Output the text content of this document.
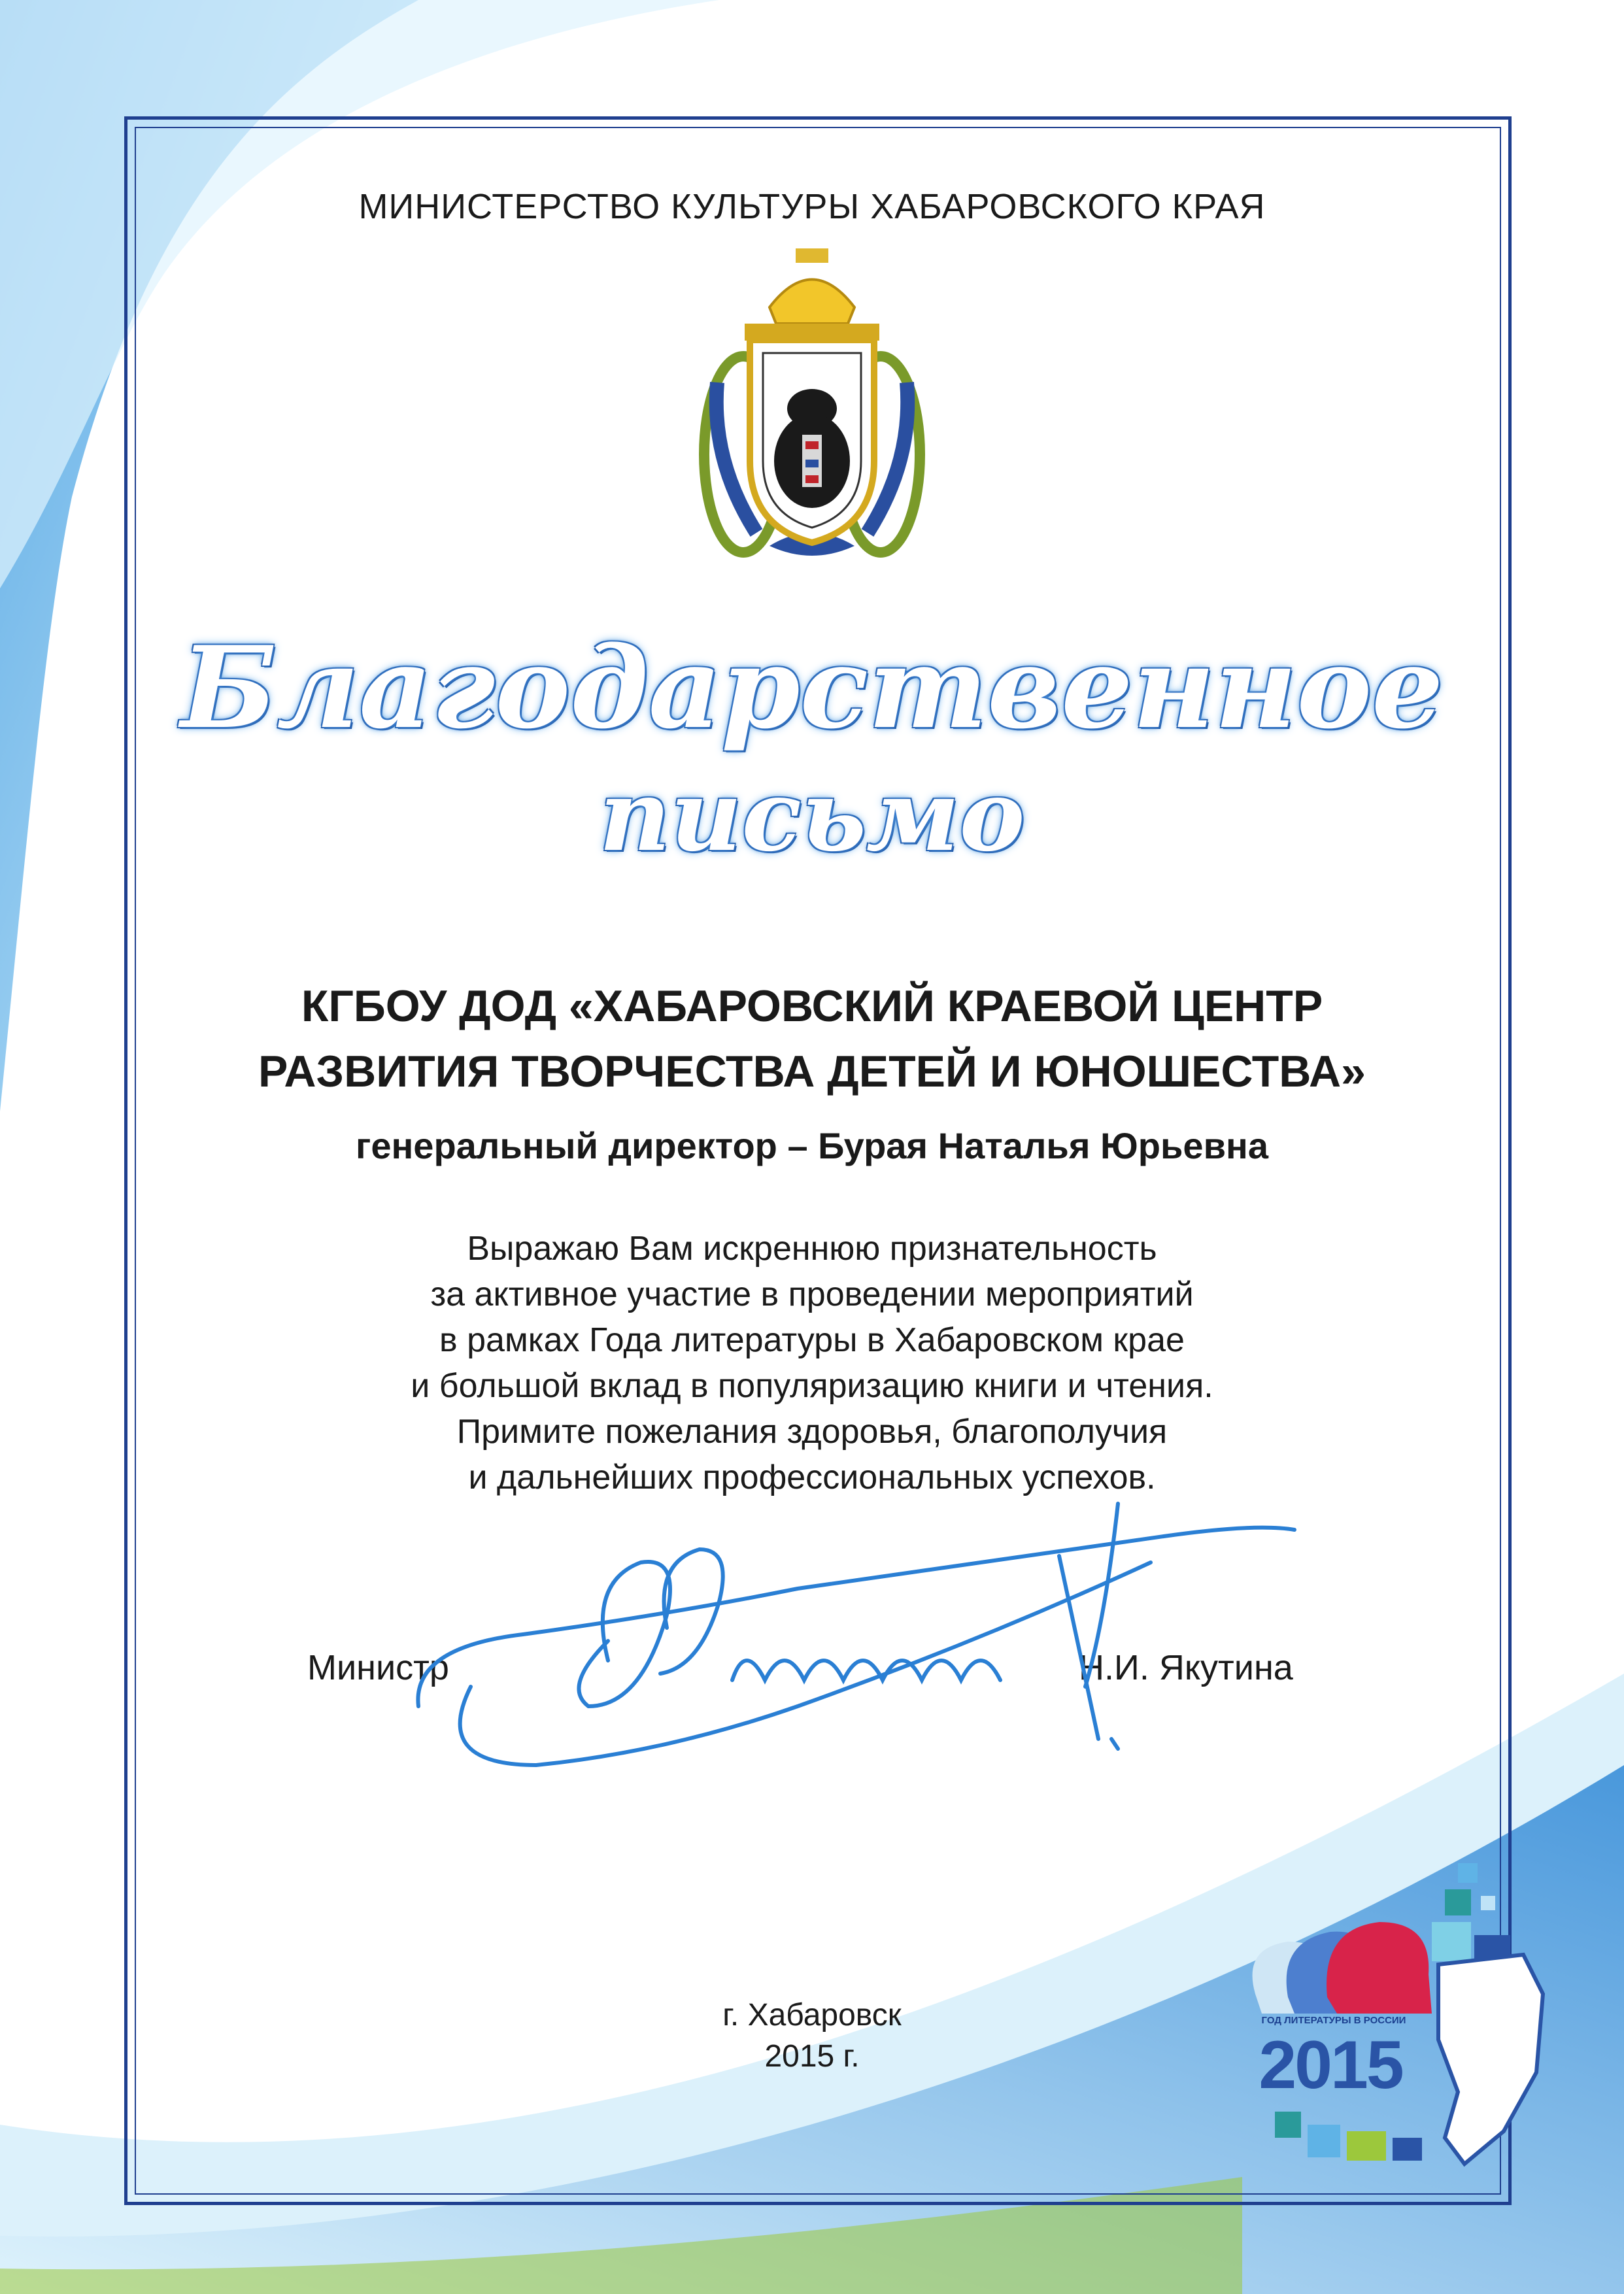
МИНИСТЕРСТВО КУЛЬТУРЫ ХАБАРОВСКОГО КРАЯ
Благодарственное
письмо
КГБОУ ДОД «ХАБАРОВСКИЙ КРАЕВОЙ ЦЕНТР
РАЗВИТИЯ ТВОРЧЕСТВА ДЕТЕЙ И ЮНОШЕСТВА»
генеральный директор – Бурая Наталья Юрьевна
Выражаю Вам искреннюю признательность
за активное участие в проведении мероприятий
в рамках Года литературы в Хабаровском крае
и большой вклад в популяризацию книги и чтения.
Примите пожелания здоровья, благополучия
и дальнейших профессиональных успехов.
Министр	Н.И. Якутина
г. Хабаровск
2015 г.
ГОД ЛИТЕРАТУРЫ В РОССИИ
2015
